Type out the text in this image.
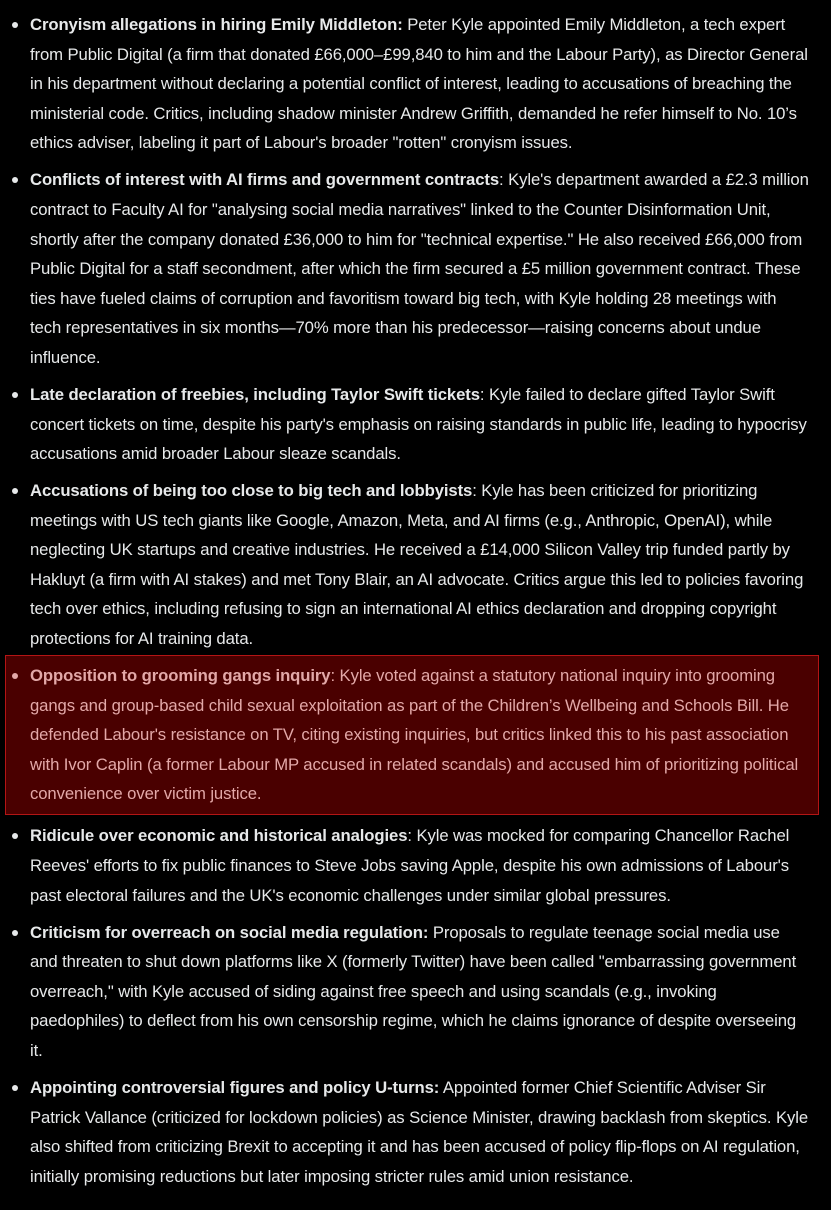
Cronyism allegations in hiring Emily Middleton: Peter Kyle appointed Emily Middleton, a tech expert from Public Digital (a firm that donated £66,000–£99,840 to him and the Labour Party), as Director General in his department without declaring a potential conflict of interest, leading to accusations of breaching the ministerial code. Critics, including shadow minister Andrew Griffith, demanded he refer himself to No. 10’s ethics adviser, labeling it part of Labour's broader "rotten" cronyism issues.
Conflicts of interest with AI firms and government contracts: Kyle's department awarded a £2.3 million contract to Faculty AI for "analysing social media narratives" linked to the Counter Disinformation Unit, shortly after the company donated £36,000 to him for "technical expertise." He also received £66,000 from Public Digital for a staff secondment, after which the firm secured a £5 million government contract. These ties have fueled claims of corruption and favoritism toward big tech, with Kyle holding 28 meetings with tech representatives in six months—70% more than his predecessor—raising concerns about undue influence.
Late declaration of freebies, including Taylor Swift tickets: Kyle failed to declare gifted Taylor Swift concert tickets on time, despite his party's emphasis on raising standards in public life, leading to hypocrisy accusations amid broader Labour sleaze scandals.
Accusations of being too close to big tech and lobbyists: Kyle has been criticized for prioritizing meetings with US tech giants like Google, Amazon, Meta, and AI firms (e.g., Anthropic, OpenAI), while neglecting UK startups and creative industries. He received a £14,000 Silicon Valley trip funded partly by Hakluyt (a firm with AI stakes) and met Tony Blair, an AI advocate. Critics argue this led to policies favoring tech over ethics, including refusing to sign an international AI ethics declaration and dropping copyright protections for AI training data.
Opposition to grooming gangs inquiry: Kyle voted against a statutory national inquiry into grooming gangs and group-based child sexual exploitation as part of the Children’s Wellbeing and Schools Bill. He defended Labour's resistance on TV, citing existing inquiries, but critics linked this to his past association with Ivor Caplin (a former Labour MP accused in related scandals) and accused him of prioritizing political convenience over victim justice.
Ridicule over economic and historical analogies: Kyle was mocked for comparing Chancellor Rachel Reeves' efforts to fix public finances to Steve Jobs saving Apple, despite his own admissions of Labour's past electoral failures and the UK's economic challenges under similar global pressures.
Criticism for overreach on social media regulation: Proposals to regulate teenage social media use and threaten to shut down platforms like X (formerly Twitter) have been called "embarrassing government overreach," with Kyle accused of siding against free speech and using scandals (e.g., invoking paedophiles) to deflect from his own censorship regime, which he claims ignorance of despite overseeing it.
Appointing controversial figures and policy U-turns: Appointed former Chief Scientific Adviser Sir Patrick Vallance (criticized for lockdown policies) as Science Minister, drawing backlash from skeptics. Kyle also shifted from criticizing Brexit to accepting it and has been accused of policy flip-flops on AI regulation, initially promising reductions but later imposing stricter rules amid union resistance.
